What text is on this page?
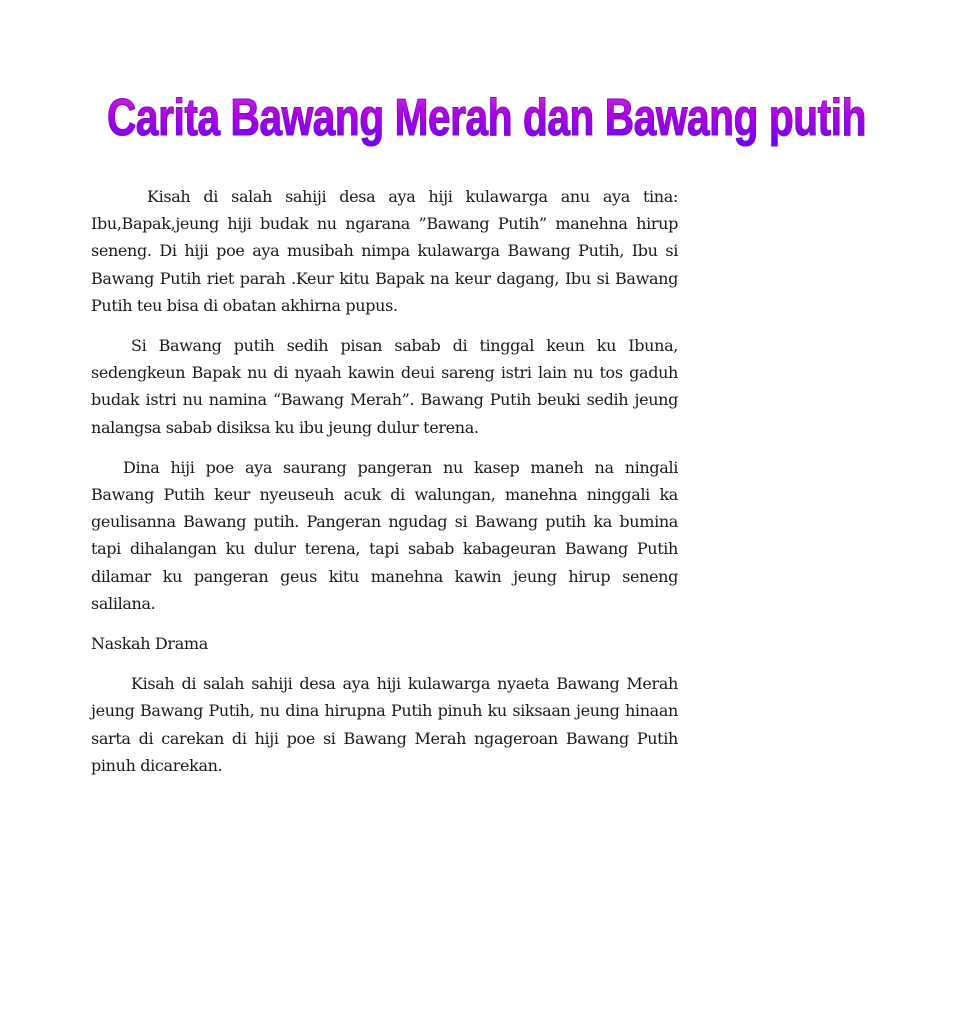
Carita Bawang Merah dan Bawang putih

Kisah di salah sahiji desa aya hiji kulawarga anu aya tina: Ibu,Bapak,jeung hiji budak nu ngarana ”Bawang Putih” manehna hirup seneng. Di hiji poe aya musibah nimpa kulawarga Bawang Putih, Ibu si Bawang Putih riet parah .Keur kitu Bapak na keur dagang, Ibu si Bawang Putih teu bisa di obatan akhirna pupus.

Si Bawang putih sedih pisan sabab di tinggal keun ku Ibuna, sedengkeun Bapak nu di nyaah kawin deui sareng istri lain nu tos gaduh budak istri nu namina “Bawang Merah”. Bawang Putih beuki sedih jeung nalangsa sabab disiksa ku ibu jeung dulur terena.

Dina hiji poe aya saurang pangeran nu kasep maneh na ningali Bawang Putih keur nyeuseuh acuk di walungan, manehna ninggali ka geulisanna Bawang putih. Pangeran ngudag si Bawang putih ka bumina tapi dihalangan ku dulur terena, tapi sabab kabageuran Bawang Putih dilamar ku pangeran geus kitu manehna kawin jeung hirup seneng salilana.

Naskah Drama

Kisah di salah sahiji desa aya hiji kulawarga nyaeta Bawang Merah jeung Bawang Putih, nu dina hirupna Putih pinuh ku siksaan jeung hinaan sarta di carekan di hiji poe si Bawang Merah ngageroan Bawang Putih pinuh dicarekan.
